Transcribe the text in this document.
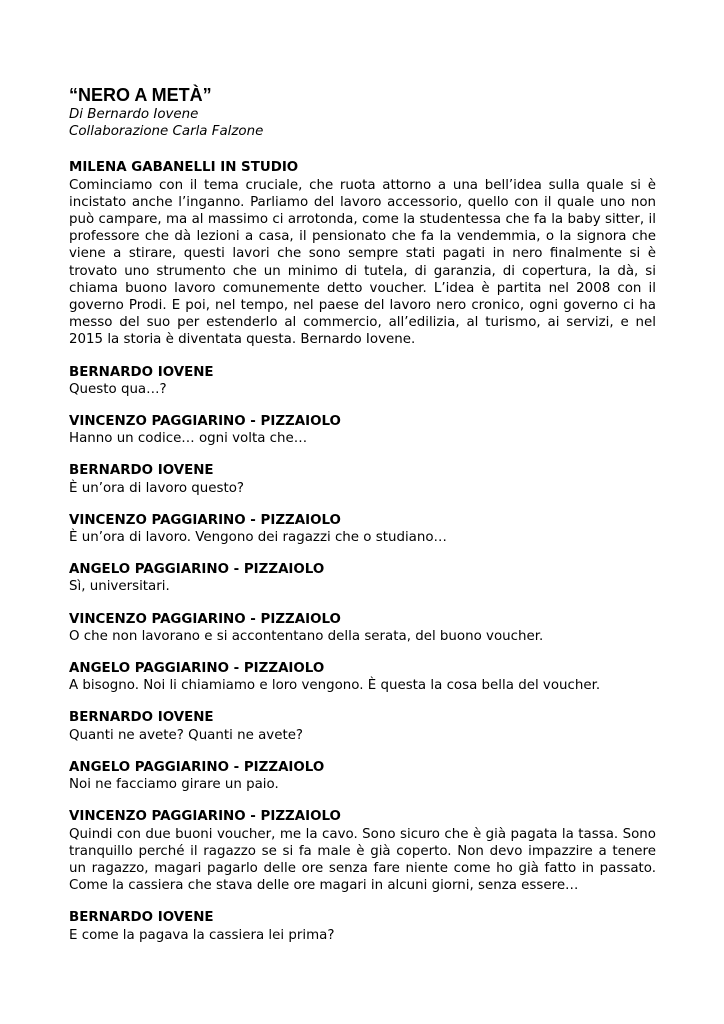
“NERO A METÀ”

Di Bernardo Iovene

Collaborazione Carla Falzone

MILENA GABANELLI IN STUDIO

Cominciamo con il tema cruciale, che ruota attorno a una bell’idea sulla quale si è incistato anche l’inganno. Parliamo del lavoro accessorio, quello con il quale uno non può campare, ma al massimo ci arrotonda, come la studentessa che fa la baby sitter, il professore che dà lezioni a casa, il pensionato che fa la vendemmia, o la signora che viene a stirare, questi lavori che sono sempre stati pagati in nero finalmente si è trovato uno strumento che un minimo di tutela, di garanzia, di copertura, la dà, si chiama buono lavoro comunemente detto voucher. L’idea è partita nel 2008 con il governo Prodi. E poi, nel tempo, nel paese del lavoro nero cronico, ogni governo ci ha messo del suo per estenderlo al commercio, all’edilizia, al turismo, ai servizi, e nel 2015 la storia è diventata questa. Bernardo Iovene.

BERNARDO IOVENE

Questo qua…?

VINCENZO PAGGIARINO - PIZZAIOLO

Hanno un codice… ogni volta che…

BERNARDO IOVENE

È un’ora di lavoro questo?

VINCENZO PAGGIARINO - PIZZAIOLO

È un’ora di lavoro. Vengono dei ragazzi che o studiano…

ANGELO PAGGIARINO - PIZZAIOLO

Sì, universitari.

VINCENZO PAGGIARINO - PIZZAIOLO

O che non lavorano e si accontentano della serata, del buono voucher.

ANGELO PAGGIARINO - PIZZAIOLO

A bisogno. Noi li chiamiamo e loro vengono. È questa la cosa bella del voucher.

BERNARDO IOVENE

Quanti ne avete? Quanti ne avete?

ANGELO PAGGIARINO - PIZZAIOLO

Noi ne facciamo girare un paio.

VINCENZO PAGGIARINO - PIZZAIOLO

Quindi con due buoni voucher, me la cavo. Sono sicuro che è già pagata la tassa. Sono tranquillo perché il ragazzo se si fa male è già coperto. Non devo impazzire a tenere un ragazzo, magari pagarlo delle ore senza fare niente come ho già fatto in passato. Come la cassiera che stava delle ore magari in alcuni giorni, senza essere…

BERNARDO IOVENE

E come la pagava la cassiera lei prima?
